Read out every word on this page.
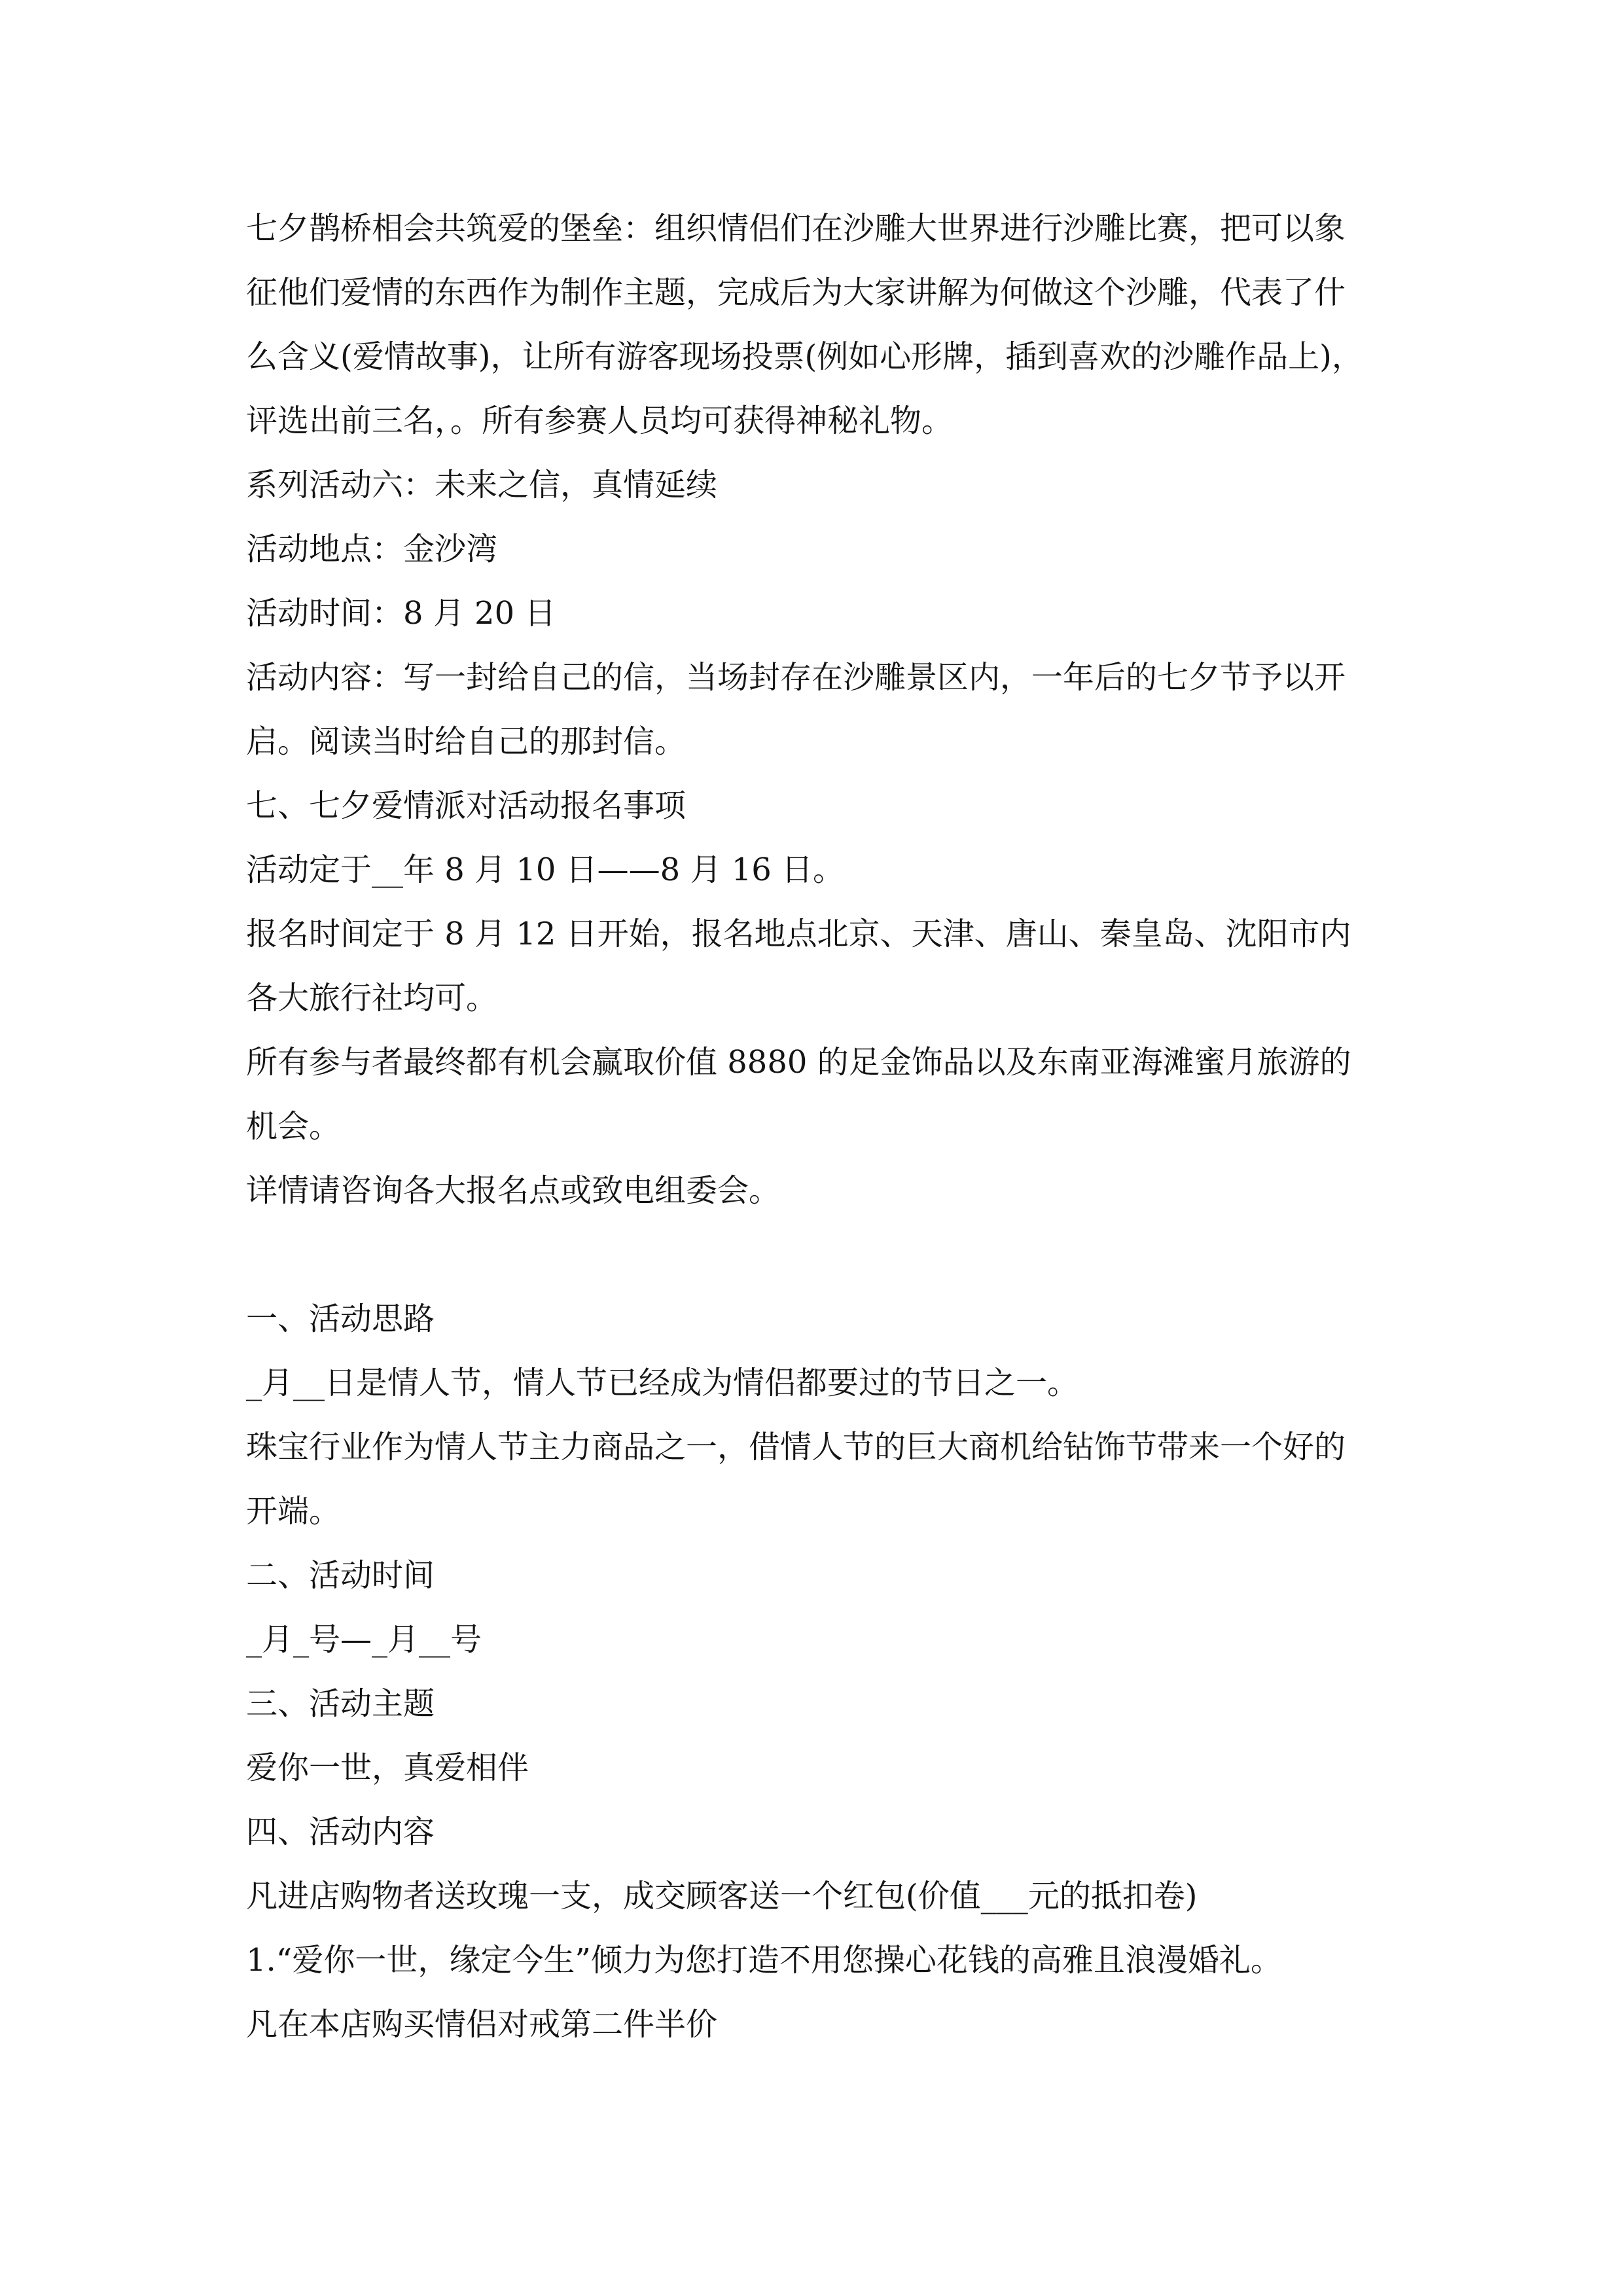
七夕鹊桥相会共筑爱的堡垒：组织情侣们在沙雕大世界进行沙雕比赛，把可以象

征他们爱情的东西作为制作主题，完成后为大家讲解为何做这个沙雕，代表了什

么含义(爱情故事)，让所有游客现场投票(例如心形牌，插到喜欢的沙雕作品上)，

评选出前三名，。所有参赛人员均可获得神秘礼物。

系列活动六：未来之信，真情延续

活动地点：金沙湾

活动时间：8 月 20 日

活动内容：写一封给自己的信，当场封存在沙雕景区内，一年后的七夕节予以开

启。阅读当时给自己的那封信。

七、七夕爱情派对活动报名事项

活动定于__年 8 月 10 日——8 月 16 日。

报名时间定于 8 月 12 日开始，报名地点北京、天津、唐山、秦皇岛、沈阳市内

各大旅行社均可。

所有参与者最终都有机会赢取价值 8880 的足金饰品以及东南亚海滩蜜月旅游的

机会。

详情请咨询各大报名点或致电组委会。

一、活动思路

_月__日是情人节，情人节已经成为情侣都要过的节日之一。

珠宝行业作为情人节主力商品之一，借情人节的巨大商机给钻饰节带来一个好的

开端。

二、活动时间

_月_号—_月__号

三、活动主题

爱你一世，真爱相伴

四、活动内容

凡进店购物者送玫瑰一支，成交顾客送一个红包(价值___元的抵扣卷)

1.“爱你一世，缘定今生”倾力为您打造不用您操心花钱的高雅且浪漫婚礼。

凡在本店购买情侣对戒第二件半价
